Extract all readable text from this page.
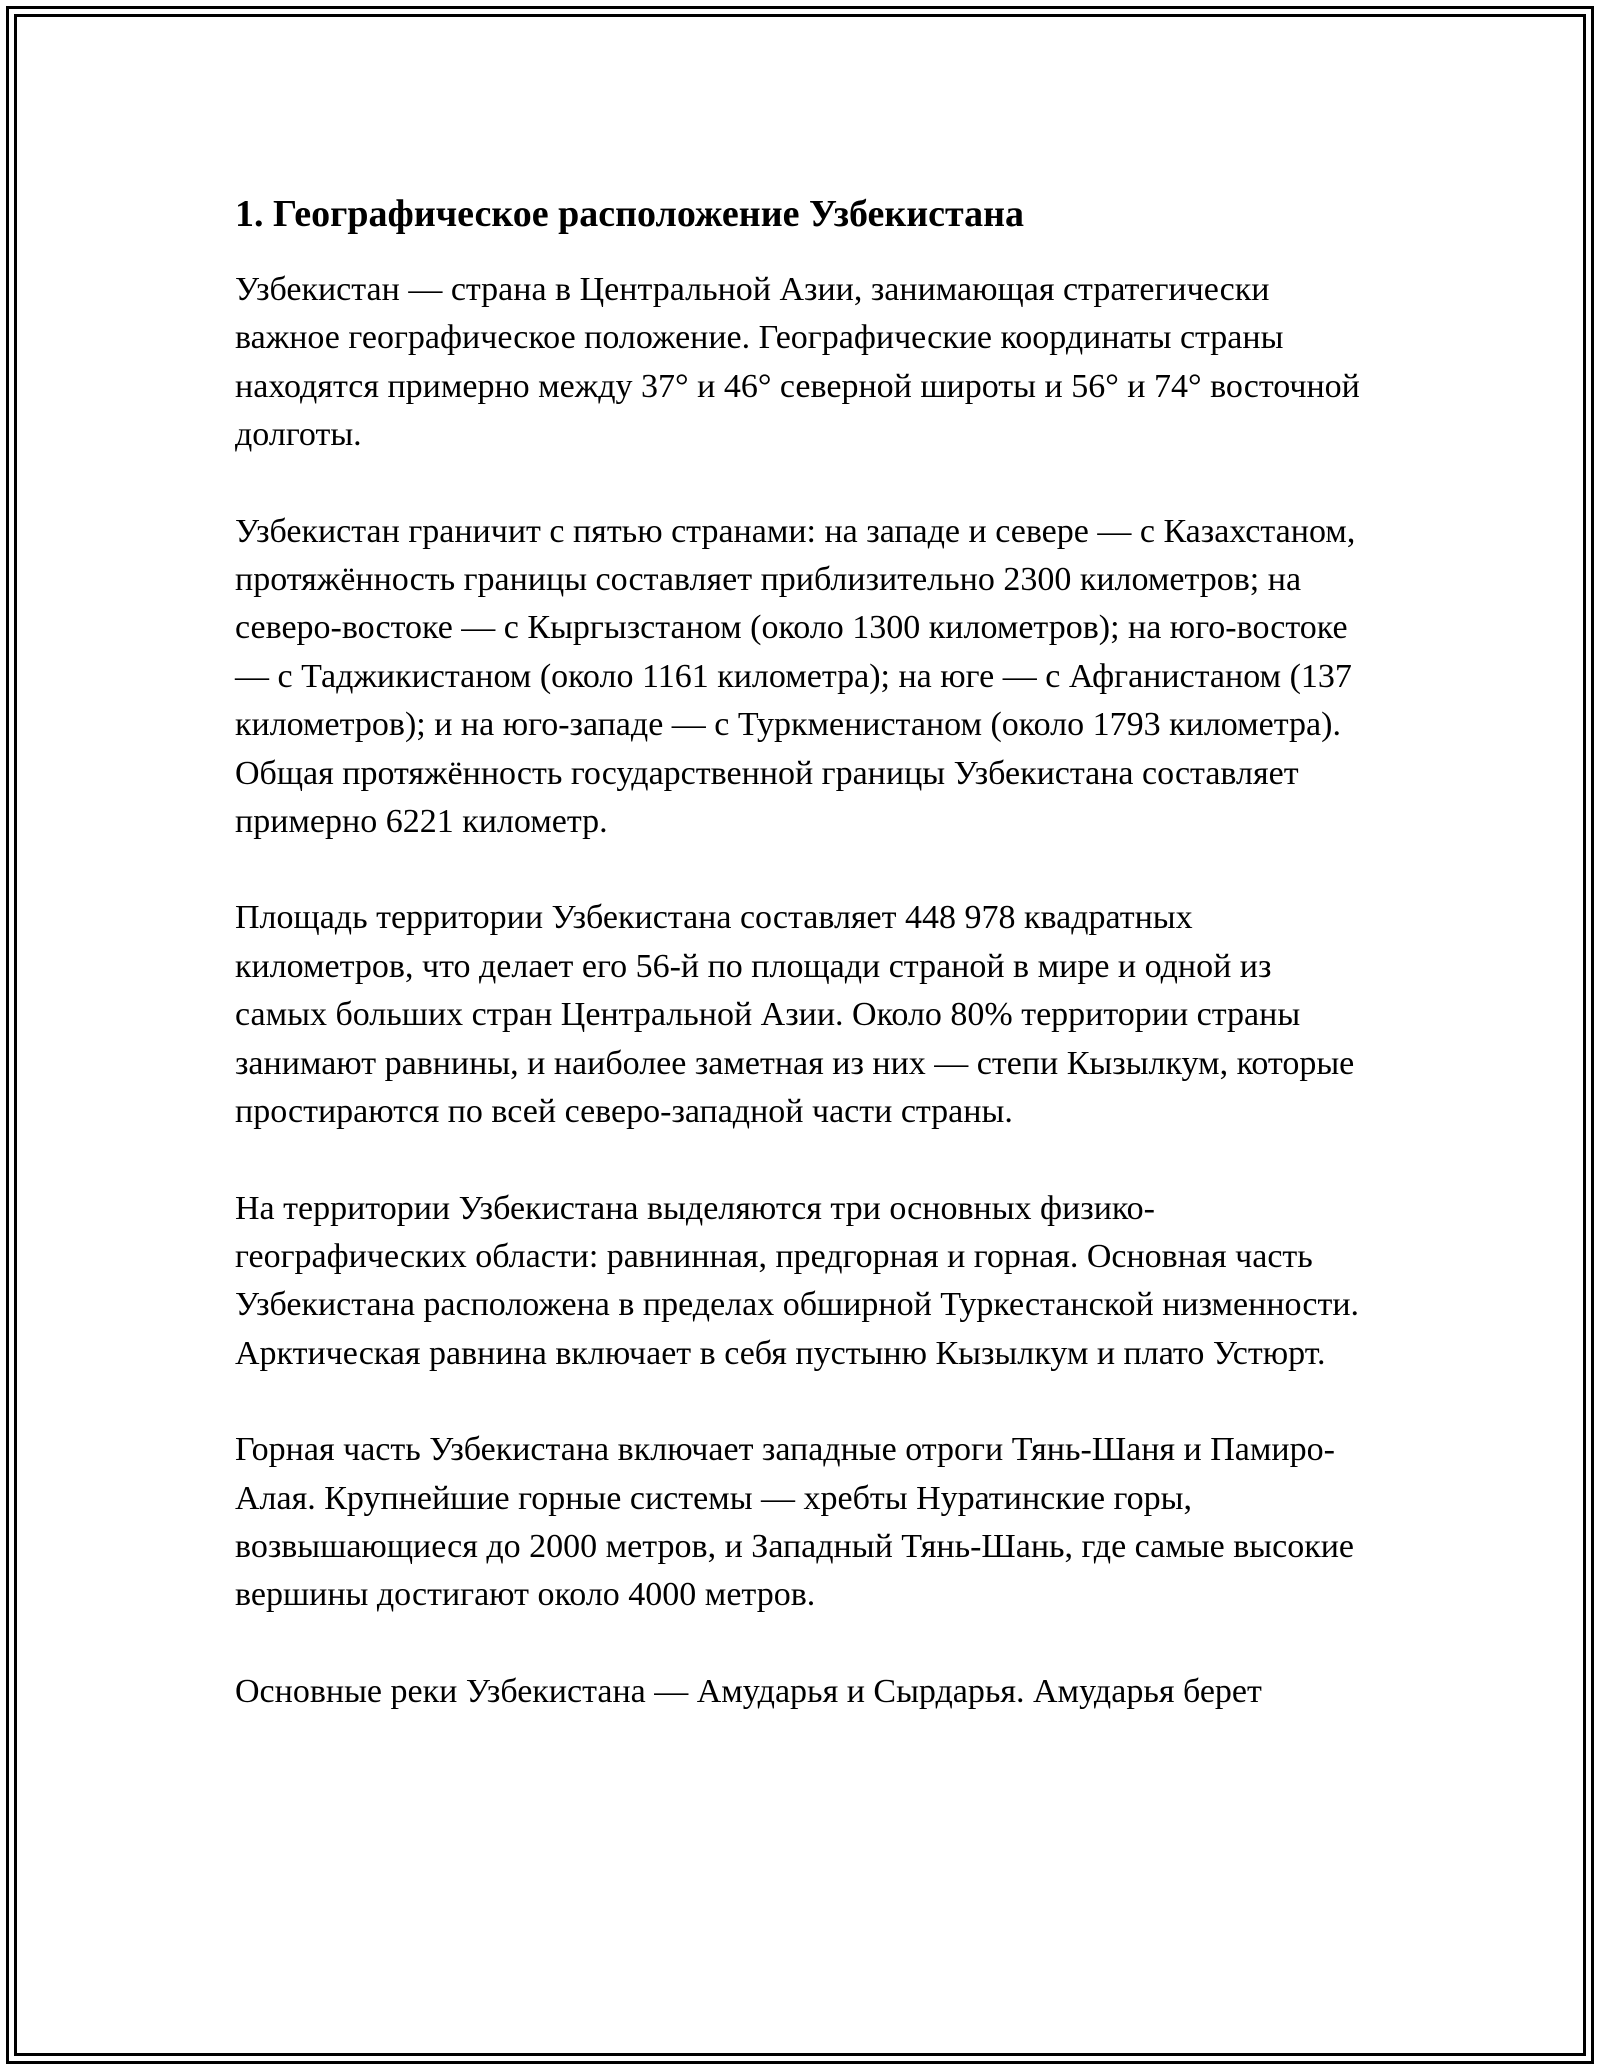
1. Географическое расположение Узбекистана

Узбекистан — страна в Центральной Азии, занимающая стратегически важное географическое положение. Географические координаты страны находятся примерно между 37° и 46° северной широты и 56° и 74° восточной долготы.

Узбекистан граничит с пятью странами: на западе и севере — с Казахстаном, протяжённость границы составляет приблизительно 2300 километров; на северо-востоке — с Кыргызстаном (около 1300 километров); на юго-востоке — с Таджикистаном (около 1161 километра); на юге — с Афганистаном (137 километров); и на юго-западе — с Туркменистаном (около 1793 километра). Общая протяжённость государственной границы Узбекистана составляет примерно 6221 километр.

Площадь территории Узбекистана составляет 448 978 квадратных километров, что делает его 56-й по площади страной в мире и одной из самых больших стран Центральной Азии. Около 80% территории страны занимают равнины, и наиболее заметная из них — степи Кызылкум, которые простираются по всей северо-западной части страны.

На территории Узбекистана выделяются три основных физико-географических области: равнинная, предгорная и горная. Основная часть Узбекистана расположена в пределах обширной Туркестанской низменности. Арктическая равнина включает в себя пустыню Кызылкум и плато Устюрт.

Горная часть Узбекистана включает западные отроги Тянь-Шаня и Памиро-Алая. Крупнейшие горные системы — хребты Нуратинские горы, возвышающиеся до 2000 метров, и Западный Тянь-Шань, где самые высокие вершины достигают около 4000 метров.

Основные реки Узбекистана — Амударья и Сырдарья. Амударья берет
